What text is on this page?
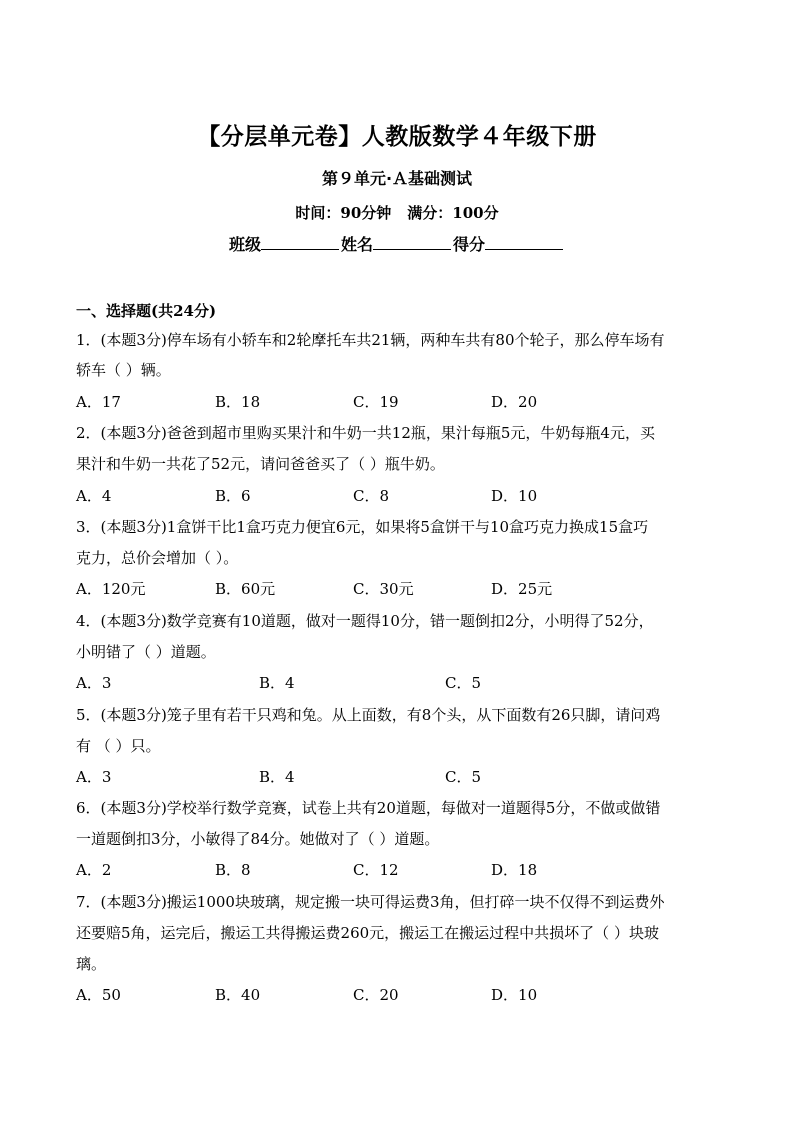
【分层单元卷】人教版数学４年级下册
第９单元·Ａ基础测试
时间：90分钟 满分：100分
班级	姓名	得分
一、选择题(共24分)
1．(本题3分)停车场有小轿车和2轮摩托车共21辆，两种车共有80个轮子，那么停车场有
轿车（ ）辆。
A．17	B．18	C．19	D．20
2．(本题3分)爸爸到超市里购买果汁和牛奶一共12瓶，果汁每瓶5元，牛奶每瓶4元，买
果汁和牛奶一共花了52元，请问爸爸买了（ ）瓶牛奶。
A．4	B．6	C．8	D．10
3．(本题3分)1盒饼干比1盒巧克力便宜6元，如果将5盒饼干与10盒巧克力换成15盒巧
克力，总价会增加（ ）。
A．120元	B．60元	C．30元	D．25元
4．(本题3分)数学竞赛有10道题，做对一题得10分，错一题倒扣2分，小明得了52分，
小明错了（ ）道题。
A．3	B．4	C．5
5．(本题3分)笼子里有若干只鸡和兔。从上面数，有8个头，从下面数有26只脚，请问鸡
有 （ ）只。
A．3	B．4	C．5
6．(本题3分)学校举行数学竞赛，试卷上共有20道题，每做对一道题得5分，不做或做错
一道题倒扣3分，小敏得了84分。她做对了（ ）道题。
A．2	B．8	C．12	D．18
7．(本题3分)搬运1000块玻璃，规定搬一块可得运费3角，但打碎一块不仅得不到运费外
还要赔5角，运完后，搬运工共得搬运费260元，搬运工在搬运过程中共损坏了（ ）块玻
璃。
A．50	B．40	C．20	D．10
